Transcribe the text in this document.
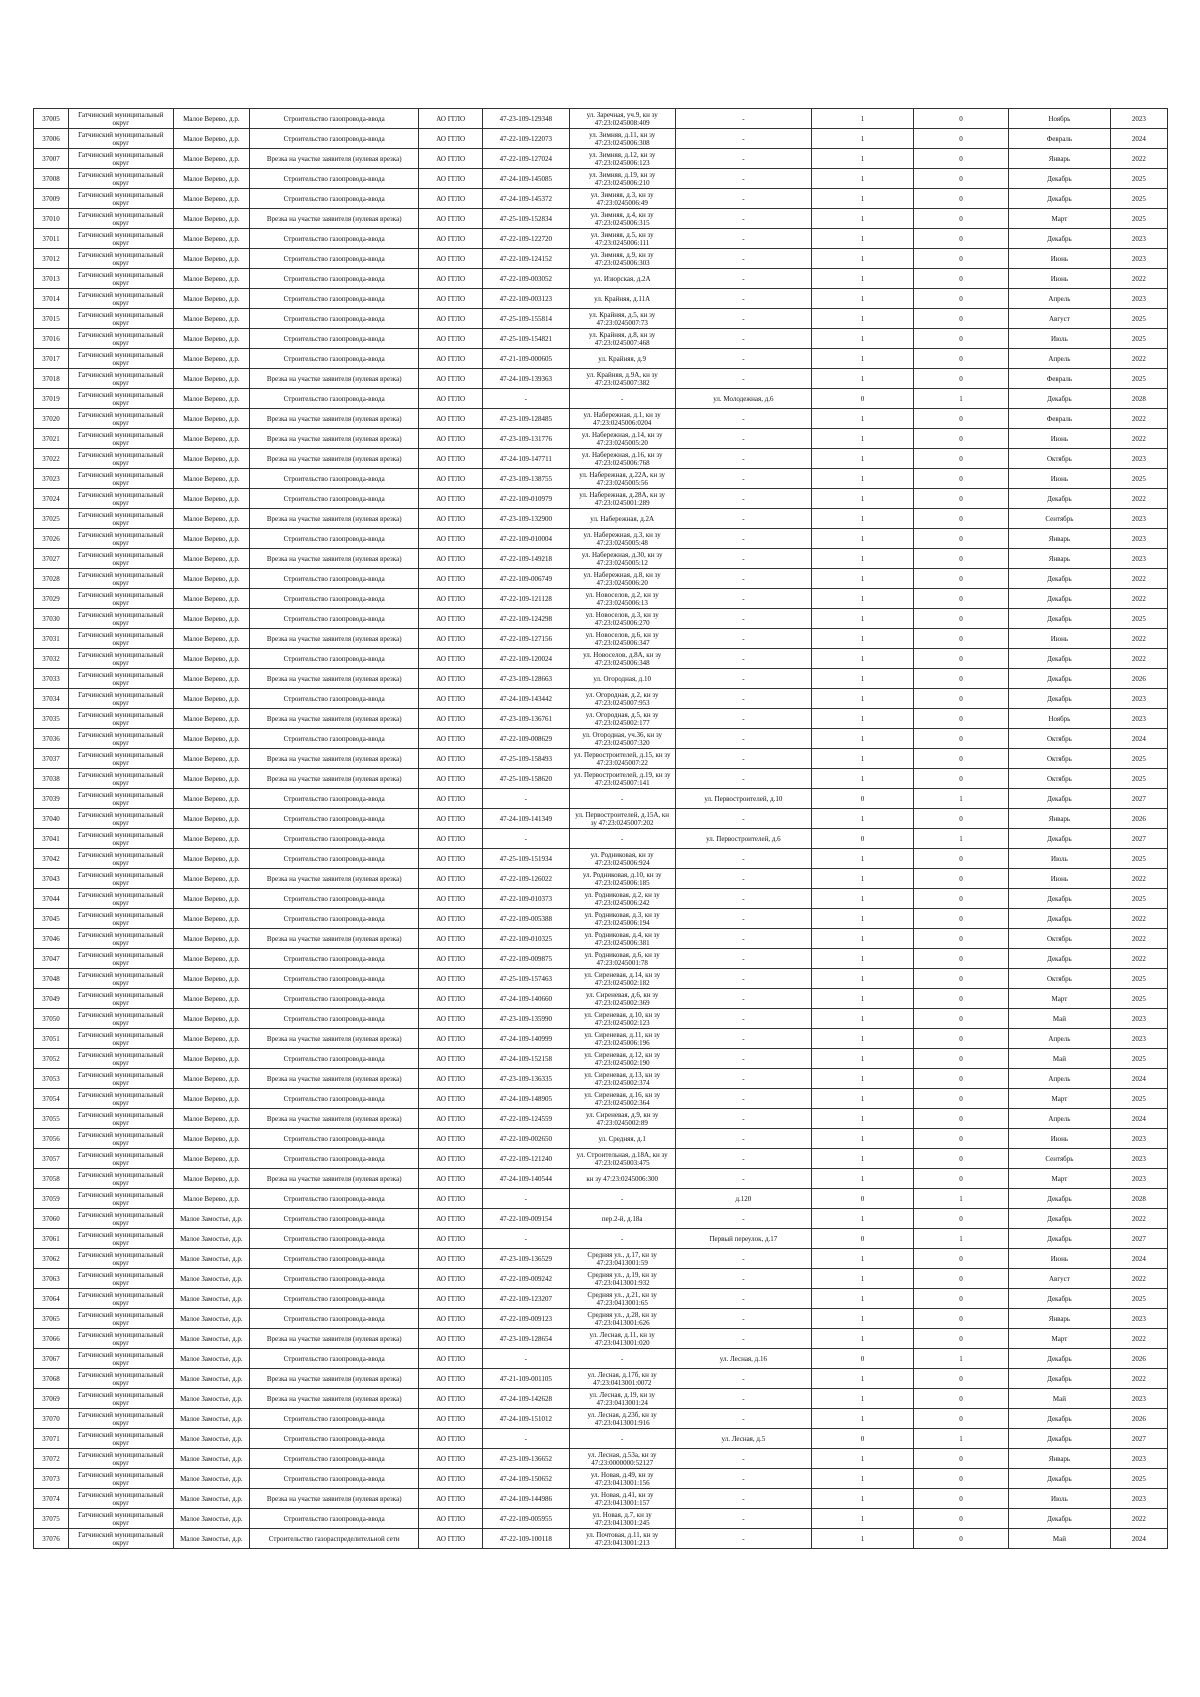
37005	Гатчинский муниципальный округ	Малое Верево, д.р.	Строительство газопровода-ввода	АО ГГЛО	47-23-109-129348	ул. Заречная, уч.9, кн зу 47:23:0245008:409	-	1	0	Ноябрь	2023
37006	Гатчинский муниципальный округ	Малое Верево, д.р.	Строительство газопровода-ввода	АО ГГЛО	47-22-109-122073	ул. Зимняя, д.11, кн зу 47:23:0245006:308	-	1	0	Февраль	2024
37007	Гатчинский муниципальный округ	Малое Верево, д.р.	Врезка на участке заявителя (нулевая врезка)	АО ГГЛО	47-22-109-127024	ул. Зимняя, д.12, кн зу 47:23:0245006:123	-	1	0	Январь	2022
37008	Гатчинский муниципальный округ	Малое Верево, д.р.	Строительство газопровода-ввода	АО ГГЛО	47-24-109-145085	ул. Зимняя, д.19, кн зу 47:23:0245006:210	-	1	0	Декабрь	2025
37009	Гатчинский муниципальный округ	Малое Верево, д.р.	Строительство газопровода-ввода	АО ГГЛО	47-24-109-145372	ул. Зимняя, д.3, кн зу 47:23:0245006:49	-	1	0	Декабрь	2025
37010	Гатчинский муниципальный округ	Малое Верево, д.р.	Врезка на участке заявителя (нулевая врезка)	АО ГГЛО	47-25-109-152834	ул. Зимняя, д.4, кн зу 47:23:0245006:315	-	1	0	Март	2025
37011	Гатчинский муниципальный округ	Малое Верево, д.р.	Строительство газопровода-ввода	АО ГГЛО	47-22-109-122720	ул. Зимняя, д.5, кн зу 47:23:0245006:111	-	1	0	Декабрь	2023
37012	Гатчинский муниципальный округ	Малое Верево, д.р.	Строительство газопровода-ввода	АО ГГЛО	47-22-109-124152	ул. Зимняя, д.9, кн зу 47:23:0245006:303	-	1	0	Июнь	2023
37013	Гатчинский муниципальный округ	Малое Верево, д.р.	Строительство газопровода-ввода	АО ГГЛО	47-22-109-003052	ул. Изюрская, д.2А	-	1	0	Июнь	2022
37014	Гатчинский муниципальный округ	Малое Верево, д.р.	Строительство газопровода-ввода	АО ГГЛО	47-22-109-003123	ул. Крайняя, д.11А	-	1	0	Апрель	2023
37015	Гатчинский муниципальный округ	Малое Верево, д.р.	Строительство газопровода-ввода	АО ГГЛО	47-25-109-155814	ул. Крайняя, д.5, кн зу 47:23:0245007:73	-	1	0	Август	2025
37016	Гатчинский муниципальный округ	Малое Верево, д.р.	Строительство газопровода-ввода	АО ГГЛО	47-25-109-154821	ул. Крайняя, д.8, кн зу 47:23:0245007:468	-	1	0	Июль	2025
37017	Гатчинский муниципальный округ	Малое Верево, д.р.	Строительство газопровода-ввода	АО ГГЛО	47-21-109-000605	ул. Крайняя, д.9	-	1	0	Апрель	2022
37018	Гатчинский муниципальный округ	Малое Верево, д.р.	Врезка на участке заявителя (нулевая врезка)	АО ГГЛО	47-24-109-139363	ул. Крайняя, д.9А, кн зу 47:23:0245007:382	-	1	0	Февраль	2025
37019	Гатчинский муниципальный округ	Малое Верево, д.р.	Строительство газопровода-ввода	АО ГГЛО	-	-	ул. Молодежная, д.6	0	1	Декабрь	2028
37020	Гатчинский муниципальный округ	Малое Верево, д.р.	Врезка на участке заявителя (нулевая врезка)	АО ГГЛО	47-23-109-128485	ул. Набережная, д.1, кн зу 47:23:0245006:0204	-	1	0	Февраль	2022
37021	Гатчинский муниципальный округ	Малое Верево, д.р.	Врезка на участке заявителя (нулевая врезка)	АО ГГЛО	47-23-109-131776	ул. Набережная, д.14, кн зу 47:23:0245005:20	-	1	0	Июнь	2022
37022	Гатчинский муниципальный округ	Малое Верево, д.р.	Врезка на участке заявителя (нулевая врезка)	АО ГГЛО	47-24-109-147711	ул. Набережная, д.16, кн зу 47:23:0245006:768	-	1	0	Октябрь	2023
37023	Гатчинский муниципальный округ	Малое Верево, д.р.	Строительство газопровода-ввода	АО ГГЛО	47-23-109-138755	ул. Набережная, д.22А, кн зу 47:23:0245005:56	-	1	0	Июнь	2025
37024	Гатчинский муниципальный округ	Малое Верево, д.р.	Строительство газопровода-ввода	АО ГГЛО	47-22-109-010979	ул. Набережная, д.28А, кн зу 47:23:0245001:289	-	1	0	Декабрь	2022
37025	Гатчинский муниципальный округ	Малое Верево, д.р.	Врезка на участке заявителя (нулевая врезка)	АО ГГЛО	47-23-109-132900	ул. Набережная, д.2А	-	1	0	Сентябрь	2023
37026	Гатчинский муниципальный округ	Малое Верево, д.р.	Строительство газопровода-ввода	АО ГГЛО	47-22-109-010004	ул. Набережная, д.3, кн зу 47:23:0245005:48	-	1	0	Январь	2023
37027	Гатчинский муниципальный округ	Малое Верево, д.р.	Врезка на участке заявителя (нулевая врезка)	АО ГГЛО	47-22-109-149218	ул. Набережная, д.30, кн зу 47:23:0245005:12	-	1	0	Январь	2023
37028	Гатчинский муниципальный округ	Малое Верево, д.р.	Строительство газопровода-ввода	АО ГГЛО	47-22-109-006749	ул. Набережная, д.8, кн зу 47:23:0245006:20	-	1	0	Декабрь	2022
37029	Гатчинский муниципальный округ	Малое Верево, д.р.	Строительство газопровода-ввода	АО ГГЛО	47-22-109-121128	ул. Новоселов, д.2, кн зу 47:23:0245006:13	-	1	0	Декабрь	2022
37030	Гатчинский муниципальный округ	Малое Верево, д.р.	Строительство газопровода-ввода	АО ГГЛО	47-22-109-124298	ул. Новоселов, д.3, кн зу 47:23:0245006:270	-	1	0	Декабрь	2025
37031	Гатчинский муниципальный округ	Малое Верево, д.р.	Врезка на участке заявителя (нулевая врезка)	АО ГГЛО	47-22-109-127156	ул. Новоселов, д.6, кн зу 47:23:0245006:347	-	1	0	Июнь	2022
37032	Гатчинский муниципальный округ	Малое Верево, д.р.	Строительство газопровода-ввода	АО ГГЛО	47-22-109-120024	ул. Новоселов, д.8А, кн зу 47:23:0245006:348	-	1	0	Декабрь	2022
37033	Гатчинский муниципальный округ	Малое Верево, д.р.	Врезка на участке заявителя (нулевая врезка)	АО ГГЛО	47-23-109-128663	ул. Огородная, д.10	-	1	0	Декабрь	2026
37034	Гатчинский муниципальный округ	Малое Верево, д.р.	Строительство газопровода-ввода	АО ГГЛО	47-24-109-143442	ул. Огородная, д.2, кн зу 47:23:0245007:953	-	1	0	Декабрь	2023
37035	Гатчинский муниципальный округ	Малое Верево, д.р.	Врезка на участке заявителя (нулевая врезка)	АО ГГЛО	47-23-109-136761	ул. Огородная, д.5, кн зу 47:23:0245002:177	-	1	0	Ноябрь	2023
37036	Гатчинский муниципальный округ	Малое Верево, д.р.	Строительство газопровода-ввода	АО ГГЛО	47-22-109-008629	ул. Огородная, уч.36, кн зу 47:23:0245007:320	-	1	0	Октябрь	2024
37037	Гатчинский муниципальный округ	Малое Верево, д.р.	Врезка на участке заявителя (нулевая врезка)	АО ГГЛО	47-25-109-158493	ул. Первостроителей, д.15, кн зу 47:23:0245007:22	-	1	0	Октябрь	2025
37038	Гатчинский муниципальный округ	Малое Верево, д.р.	Врезка на участке заявителя (нулевая врезка)	АО ГГЛО	47-25-109-158620	ул. Первостроителей, д.19, кн зу 47:23:0245007:141	-	1	0	Октябрь	2025
37039	Гатчинский муниципальный округ	Малое Верево, д.р.	Строительство газопровода-ввода	АО ГГЛО	-	-	ул. Первостроителей, д.10	0	1	Декабрь	2027
37040	Гатчинский муниципальный округ	Малое Верево, д.р.	Строительство газопровода-ввода	АО ГГЛО	47-24-109-141349	ул. Первостроителей, д.15А, кн зу 47:23:0245007:202	-	1	0	Январь	2026
37041	Гатчинский муниципальный округ	Малое Верево, д.р.	Строительство газопровода-ввода	АО ГГЛО	-	-	ул. Первостроителей, д.6	0	1	Декабрь	2027
37042	Гатчинский муниципальный округ	Малое Верево, д.р.	Строительство газопровода-ввода	АО ГГЛО	47-25-109-151934	ул. Родниковая, кн зу 47:23:0245006:924	-	1	0	Июль	2025
37043	Гатчинский муниципальный округ	Малое Верево, д.р.	Врезка на участке заявителя (нулевая врезка)	АО ГГЛО	47-22-109-126022	ул. Родниковая, д.10, кн зу 47:23:0245006:185	-	1	0	Июнь	2022
37044	Гатчинский муниципальный округ	Малое Верево, д.р.	Строительство газопровода-ввода	АО ГГЛО	47-22-109-010373	ул. Родниковая, д.2, кн зу 47:23:0245006:242	-	1	0	Декабрь	2025
37045	Гатчинский муниципальный округ	Малое Верево, д.р.	Строительство газопровода-ввода	АО ГГЛО	47-22-109-005388	ул. Родниковая, д.3, кн зу 47:23:0245006:194	-	1	0	Декабрь	2022
37046	Гатчинский муниципальный округ	Малое Верево, д.р.	Врезка на участке заявителя (нулевая врезка)	АО ГГЛО	47-22-109-010325	ул. Родниковая, д.4, кн зу 47:23:0245006:381	-	1	0	Октябрь	2022
37047	Гатчинский муниципальный округ	Малое Верево, д.р.	Строительство газопровода-ввода	АО ГГЛО	47-22-109-009875	ул. Родниковая, д.6, кн зу 47:23:0245001:78	-	1	0	Декабрь	2022
37048	Гатчинский муниципальный округ	Малое Верево, д.р.	Строительство газопровода-ввода	АО ГГЛО	47-25-109-157463	ул. Сиреневая, д.14, кн зу 47:23:0245002:182	-	1	0	Октябрь	2025
37049	Гатчинский муниципальный округ	Малое Верево, д.р.	Строительство газопровода-ввода	АО ГГЛО	47-24-109-140660	ул. Сиреневая, д.6, кн зу 47:23:0245002:369	-	1	0	Март	2025
37050	Гатчинский муниципальный округ	Малое Верево, д.р.	Строительство газопровода-ввода	АО ГГЛО	47-23-109-135990	ул. Сиреневая, д.10, кн зу 47:23:0245002:123	-	1	0	Май	2023
37051	Гатчинский муниципальный округ	Малое Верево, д.р.	Врезка на участке заявителя (нулевая врезка)	АО ГГЛО	47-24-109-140999	ул. Сиреневая, д.11, кн зу 47:23:0245006:196	-	1	0	Апрель	2023
37052	Гатчинский муниципальный округ	Малое Верево, д.р.	Строительство газопровода-ввода	АО ГГЛО	47-24-109-152158	ул. Сиреневая, д.12, кн зу 47:23:0245002:190	-	1	0	Май	2025
37053	Гатчинский муниципальный округ	Малое Верево, д.р.	Врезка на участке заявителя (нулевая врезка)	АО ГГЛО	47-23-109-136335	ул. Сиреневая, д.13, кн зу 47:23:0245002:374	-	1	0	Апрель	2024
37054	Гатчинский муниципальный округ	Малое Верево, д.р.	Строительство газопровода-ввода	АО ГГЛО	47-24-109-148905	ул. Сиреневая, д.16, кн зу 47:23:0245002:364	-	1	0	Март	2025
37055	Гатчинский муниципальный округ	Малое Верево, д.р.	Врезка на участке заявителя (нулевая врезка)	АО ГГЛО	47-22-109-124559	ул. Сиреневая, д.9, кн зу 47:23:0245002:89	-	1	0	Апрель	2024
37056	Гатчинский муниципальный округ	Малое Верево, д.р.	Строительство газопровода-ввода	АО ГГЛО	47-22-109-002650	ул. Средняя, д.1	-	1	0	Июнь	2023
37057	Гатчинский муниципальный округ	Малое Верево, д.р.	Строительство газопровода-ввода	АО ГГЛО	47-22-109-121240	ул. Строительная, д.18А, кн зу 47:23:0245003:475	-	1	0	Сентябрь	2023
37058	Гатчинский муниципальный округ	Малое Верево, д.р.	Врезка на участке заявителя (нулевая врезка)	АО ГГЛО	47-24-109-140544	кн зу 47:23:0245006:300	-	1	0	Март	2023
37059	Гатчинский муниципальный округ	Малое Верево, д.р.	Строительство газопровода-ввода	АО ГГЛО	-	-	д.120	0	1	Декабрь	2028
37060	Гатчинский муниципальный округ	Малое Замостье, д.р.	Строительство газопровода-ввода	АО ГГЛО	47-22-109-009154	пер.2-й, д.18а	-	1	0	Декабрь	2022
37061	Гатчинский муниципальный округ	Малое Замостье, д.р.	Строительство газопровода-ввода	АО ГГЛО	-	-	Первый переулок, д.17	0	1	Декабрь	2027
37062	Гатчинский муниципальный округ	Малое Замостье, д.р.	Строительство газопровода-ввода	АО ГГЛО	47-23-109-136529	Средняя ул., д.17, кн зу 47:23:0413001:59	-	1	0	Июнь	2024
37063	Гатчинский муниципальный округ	Малое Замостье, д.р.	Строительство газопровода-ввода	АО ГГЛО	47-22-109-009242	Средняя ул., д.19, кн зу 47:23:0413001:932	-	1	0	Август	2022
37064	Гатчинский муниципальный округ	Малое Замостье, д.р.	Строительство газопровода-ввода	АО ГГЛО	47-22-109-123207	Средняя ул., д.21, кн зу 47:23:0413001:65	-	1	0	Декабрь	2025
37065	Гатчинский муниципальный округ	Малое Замостье, д.р.	Строительство газопровода-ввода	АО ГГЛО	47-22-109-009123	Средняя ул., д.28, кн зу 47:23:0413001:626	-	1	0	Январь	2023
37066	Гатчинский муниципальный округ	Малое Замостье, д.р.	Врезка на участке заявителя (нулевая врезка)	АО ГГЛО	47-23-109-128654	ул. Лесная, д.11, кн зу 47:23:0413001:020	-	1	0	Март	2022
37067	Гатчинский муниципальный округ	Малое Замостье, д.р.	Строительство газопровода-ввода	АО ГГЛО	-	-	ул. Лесная, д.16	0	1	Декабрь	2026
37068	Гатчинский муниципальный округ	Малое Замостье, д.р.	Врезка на участке заявителя (нулевая врезка)	АО ГГЛО	47-21-109-001105	ул. Лесная, д.17б, кн зу 47:23:0413001:0072	-	1	0	Декабрь	2022
37069	Гатчинский муниципальный округ	Малое Замостье, д.р.	Врезка на участке заявителя (нулевая врезка)	АО ГГЛО	47-24-109-142628	ул. Лесная, д.19, кн зу 47:23:0413001:24	-	1	0	Май	2023
37070	Гатчинский муниципальный округ	Малое Замостье, д.р.	Строительство газопровода-ввода	АО ГГЛО	47-24-109-151012	ул. Лесная, д.23б, кн зу 47:23:0413001:916	-	1	0	Декабрь	2026
37071	Гатчинский муниципальный округ	Малое Замостье, д.р.	Строительство газопровода-ввода	АО ГГЛО	-	-	ул. Лесная, д.5	0	1	Декабрь	2027
37072	Гатчинский муниципальный округ	Малое Замостье, д.р.	Строительство газопровода-ввода	АО ГГЛО	47-23-109-136652	ул. Лесная, д.53а, кн зу 47:23:0000000:52127	-	1	0	Январь	2023
37073	Гатчинский муниципальный округ	Малое Замостье, д.р.	Строительство газопровода-ввода	АО ГГЛО	47-24-109-150652	ул. Новая, д.49, кн зу 47:23:0413001:156	-	1	0	Декабрь	2025
37074	Гатчинский муниципальный округ	Малое Замостье, д.р.	Врезка на участке заявителя (нулевая врезка)	АО ГГЛО	47-24-109-144986	ул. Новая, д.41, кн зу 47:23:0413001:157	-	1	0	Июль	2023
37075	Гатчинский муниципальный округ	Малое Замостье, д.р.	Строительство газопровода-ввода	АО ГГЛО	47-22-109-005955	ул. Новая, д.7, кн зу 47:23:0413001:245	-	1	0	Декабрь	2022
37076	Гатчинский муниципальный округ	Малое Замостье, д.р.	Строительство газораспределительной сети	АО ГГЛО	47-22-109-100118	ул. Почтовая, д.11, кн зу 47:23:0413001:213	-	1	0	Май	2024
